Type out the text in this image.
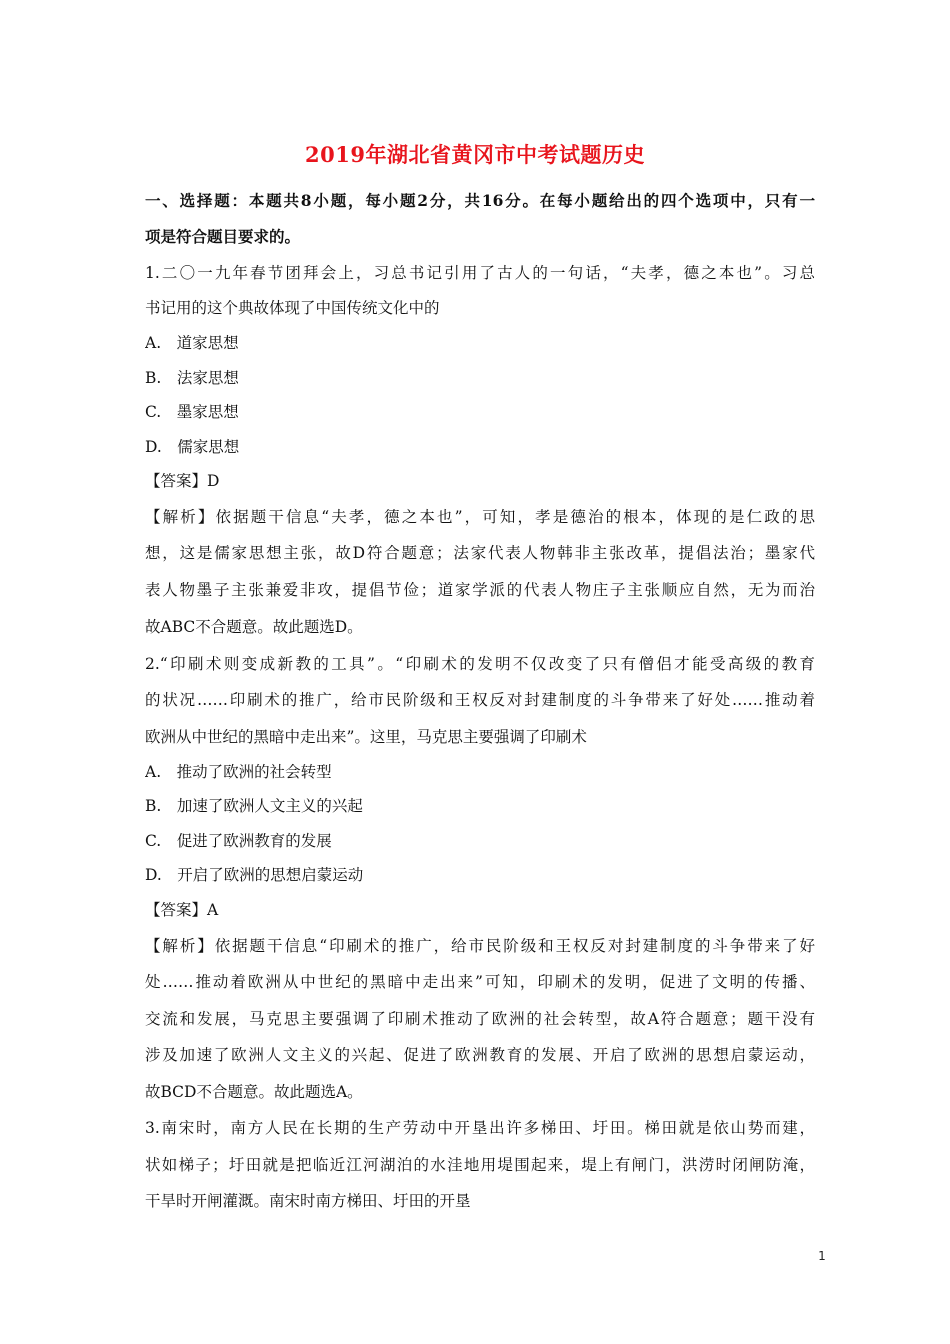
2019年湖北省黄冈市中考试题历史
一、选择题：本题共8小题，每小题2分，共16分。在每小题给出的四个选项中，只有一
项是符合题目要求的。
1.二〇一九年春节团拜会上，习总书记引用了古人的一句话，“夫孝，德之本也”。习总
书记用的这个典故体现了中国传统文化中的
A.　道家思想
B.　法家思想
C.　墨家思想
D.　儒家思想
【答案】D
【解析】依据题干信息“夫孝，德之本也”，可知，孝是德治的根本，体现的是仁政的思
想，这是儒家思想主张，故D符合题意；法家代表人物韩非主张改革，提倡法治；墨家代
表人物墨子主张兼爱非攻，提倡节俭；道家学派的代表人物庄子主张顺应自然，无为而治
故ABC不合题意。故此题选D。
2.“印刷术则变成新教的工具”。“印刷术的发明不仅改变了只有僧侣才能受高级的教育
的状况……印刷术的推广，给市民阶级和王权反对封建制度的斗争带来了好处……推动着
欧洲从中世纪的黑暗中走出来”。这里，马克思主要强调了印刷术
A.　推动了欧洲的社会转型
B.　加速了欧洲人文主义的兴起
C.　促进了欧洲教育的发展
D.　开启了欧洲的思想启蒙运动
【答案】A
【解析】依据题干信息“印刷术的推广，给市民阶级和王权反对封建制度的斗争带来了好
处……推动着欧洲从中世纪的黑暗中走出来”可知，印刷术的发明，促进了文明的传播、
交流和发展，马克思主要强调了印刷术推动了欧洲的社会转型，故A符合题意；题干没有
涉及加速了欧洲人文主义的兴起、促进了欧洲教育的发展、开启了欧洲的思想启蒙运动，
故BCD不合题意。故此题选A。
3.南宋时，南方人民在长期的生产劳动中开垦出许多梯田、圩田。梯田就是依山势而建，
状如梯子；圩田就是把临近江河湖泊的水洼地用堤围起来，堤上有闸门，洪涝时闭闸防淹，
干旱时开闸灌溉。南宋时南方梯田、圩田的开垦
1
